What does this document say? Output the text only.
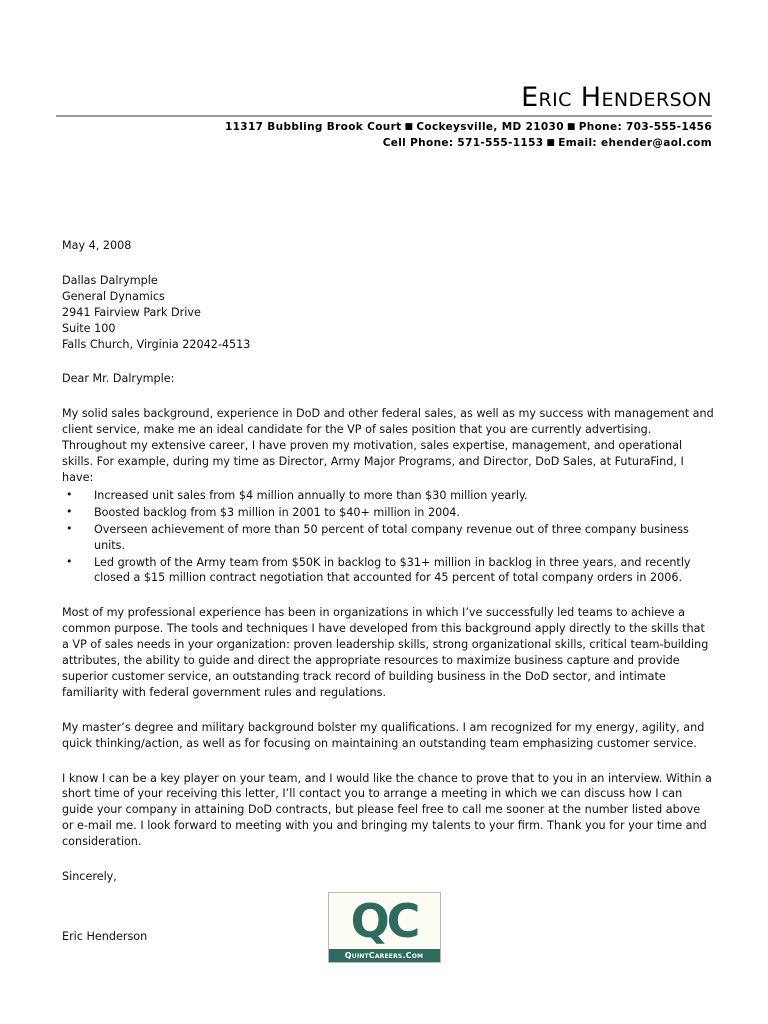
Eric Henderson
11317 Bubbling Brook Court ■ Cockeysville, MD 21030 ■ Phone: 703-555-1456
Cell Phone: 571-555-1153 ■ Email: ehender@aol.com
May 4, 2008
Dallas Dalrymple
General Dynamics
2941 Fairview Park Drive
Suite 100
Falls Church, Virginia 22042-4513
Dear Mr. Dalrymple:

My solid sales background, experience in DoD and other federal sales, as well as my success with management and client service, make me an ideal candidate for the VP of sales position that you are currently advertising. Throughout my extensive career, I have proven my motivation, sales expertise, management, and operational skills. For example, during my time as Director, Army Major Programs, and Director, DoD Sales, at FuturaFind, I have:

• Increased unit sales from $4 million annually to more than $30 million yearly.
• Boosted backlog from $3 million in 2001 to $40+ million in 2004.
• Overseen achievement of more than 50 percent of total company revenue out of three company business units.
• Led growth of the Army team from $50K in backlog to $31+ million in backlog in three years, and recently closed a $15 million contract negotiation that accounted for 45 percent of total company orders in 2006.

Most of my professional experience has been in organizations in which I’ve successfully led teams to achieve a common purpose. The tools and techniques I have developed from this background apply directly to the skills that a VP of sales needs in your organization: proven leadership skills, strong organizational skills, critical team-building attributes, the ability to guide and direct the appropriate resources to maximize business capture and provide superior customer service, an outstanding track record of building business in the DoD sector, and intimate familiarity with federal government rules and regulations.

My master’s degree and military background bolster my qualifications. I am recognized for my energy, agility, and quick thinking/action, as well as for focusing on maintaining an outstanding team emphasizing customer service.

I know I can be a key player on your team, and I would like the chance to prove that to you in an interview. Within a short time of your receiving this letter, I’ll contact you to arrange a meeting in which we can discuss how I can guide your company in attaining DoD contracts, but please feel free to call me sooner at the number listed above or e-mail me. I look forward to meeting with you and bringing my talents to your firm. Thank you for your time and consideration.

Sincerely,
Eric Henderson	QC
QuintCareers.Com
